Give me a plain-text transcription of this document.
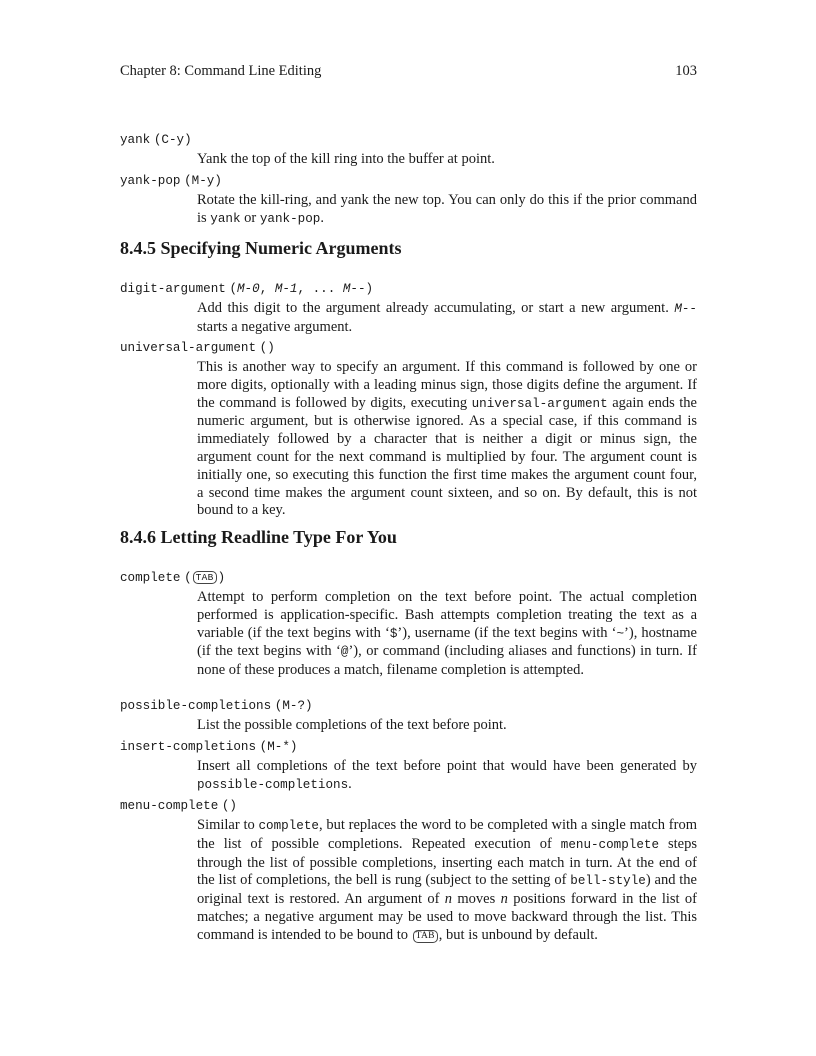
Chapter 8: Command Line Editing	103
yank (C-y)
Yank the top of the kill ring into the buffer at point.
yank-pop (M-y)
Rotate the kill-ring, and yank the new top. You can only do this if the prior command is yank or yank-pop.
8.4.5 Specifying Numeric Arguments
digit-argument (M-0, M-1, ... M--)
Add this digit to the argument already accumulating, or start a new argument. M-- starts a negative argument.
universal-argument ()
This is another way to specify an argument. If this command is followed by one or more digits, optionally with a leading minus sign, those digits define the argument. If the command is followed by digits, executing universal-argument again ends the numeric argument, but is otherwise ignored. As a special case, if this command is immediately followed by a character that is neither a digit or minus sign, the argument count for the next command is multiplied by four. The argument count is initially one, so executing this function the first time makes the argument count four, a second time makes the argument count sixteen, and so on. By default, this is not bound to a key.
8.4.6 Letting Readline Type For You
complete ( TAB )
Attempt to perform completion on the text before point. The actual completion performed is application-specific. Bash attempts completion treating the text as a variable (if the text begins with ‘$’), username (if the text begins with ‘~’), hostname (if the text begins with ‘@’), or command (including aliases and functions) in turn. If none of these produces a match, filename completion is attempted.
possible-completions (M-?)
List the possible completions of the text before point.
insert-completions (M-*)
Insert all completions of the text before point that would have been generated by possible-completions.
menu-complete ()
Similar to complete, but replaces the word to be completed with a single match from the list of possible completions. Repeated execution of menu-complete steps through the list of possible completions, inserting each match in turn. At the end of the list of completions, the bell is rung (subject to the setting of bell-style) and the original text is restored. An argument of n moves n positions forward in the list of matches; a negative argument may be used to move backward through the list. This command is intended to be bound to TAB , but is unbound by default.
